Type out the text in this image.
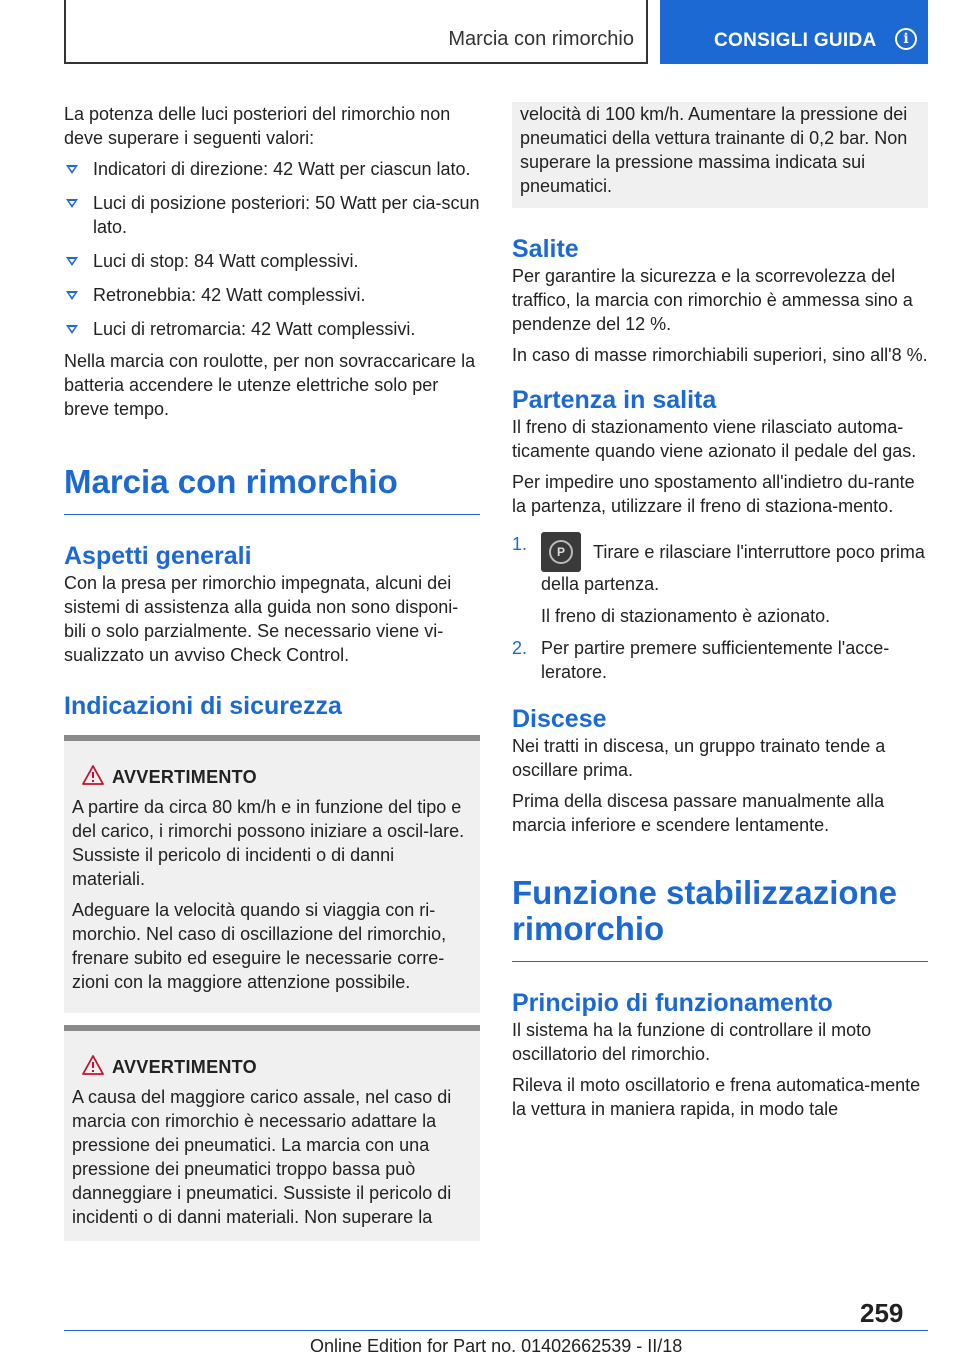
Marcia con rimorchio	CONSIGLI GUIDA	i

La potenza delle luci posteriori del rimorchio non deve superare i seguenti valori:

Indicatori di direzione: 42 Watt per ciascun lato.
Luci di posizione posteriori: 50 Watt per cia-scun lato.
Luci di stop: 84 Watt complessivi.
Retronebbia: 42 Watt complessivi.
Luci di retromarcia: 42 Watt complessivi.

Nella marcia con roulotte, per non sovraccaricare la batteria accendere le utenze elettriche solo per breve tempo.

Marcia con rimorchio
Aspetti generali

Con la presa per rimorchio impegnata, alcuni dei sistemi di assistenza alla guida non sono disponi-bili o solo parzialmente. Se necessario viene vi-sualizzato un avviso Check Control.

Indicazioni di sicurezza
AVVERTIMENTO

A partire da circa 80 km/h e in funzione del tipo e del carico, i rimorchi possono iniziare a oscil-lare. Sussiste il pericolo di incidenti o di danni materiali.

Adeguare la velocità quando si viaggia con ri-morchio. Nel caso di oscillazione del rimorchio, frenare subito ed eseguire le necessarie corre-zioni con la maggiore attenzione possibile.

AVVERTIMENTO

A causa del maggiore carico assale, nel caso di marcia con rimorchio è necessario adattare la pressione dei pneumatici. La marcia con una pressione dei pneumatici troppo bassa può danneggiare i pneumatici. Sussiste il pericolo di incidenti o di danni materiali. Non superare la

velocità di 100 km/h. Aumentare la pressione dei pneumatici della vettura trainante di 0,2 bar. Non superare la pressione massima indicata sui pneumatici.

Salite

Per garantire la sicurezza e la scorrevolezza del traffico, la marcia con rimorchio è ammessa sino a pendenze del 12 %.

In caso di masse rimorchiabili superiori, sino all'8 %.

Partenza in salita

Il freno di stazionamento viene rilasciato automa-ticamente quando viene azionato il pedale del gas.

Per impedire uno spostamento all'indietro du-rante la partenza, utilizzare il freno di staziona-mento.

1.	P	Tirare e rilasciare l'interruttore poco prima della partenza.
Il freno di stazionamento è azionato.
2. Per partire premere sufficientemente l'acce-leratore.
Discese

Nei tratti in discesa, un gruppo trainato tende a oscillare prima.

Prima della discesa passare manualmente alla marcia inferiore e scendere lentamente.

Funzione stabilizzazione rimorchio
Principio di funzionamento

Il sistema ha la funzione di controllare il moto oscillatorio del rimorchio.

Rileva il moto oscillatorio e frena automatica-mente la vettura in maniera rapida, in modo tale

259
Online Edition for Part no. 01402662539 - II/18
